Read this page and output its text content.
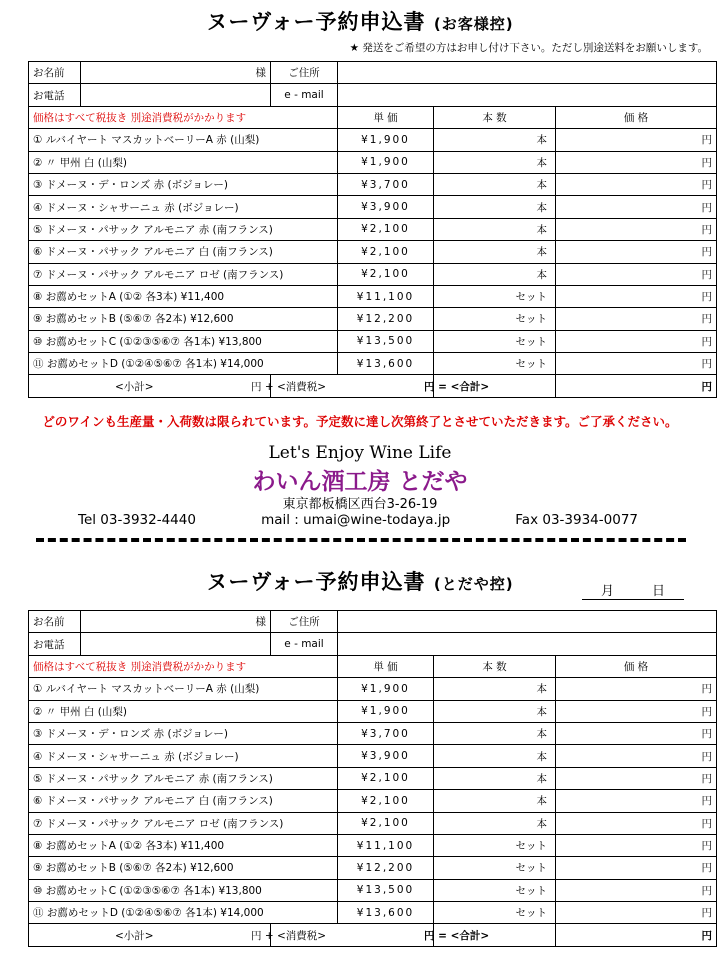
ヌーヴォー予約申込書 (お客様控)
★ 発送をご希望の方はお申し付け下さい。ただし別途送料をお願いします。
お名前	様	ご住所			
お電話		e - mail			
価格はすべて税抜き 別途消費税がかかります			単 価	本 数	価 格
① ルバイヤート マスカットベーリーA 赤 (山梨)			¥1,900	本	円
② 〃 甲州 白 (山梨)			¥1,900	本	円
③ ドメーヌ・デ・ロンズ 赤 (ボジョレー)			¥3,700	本	円
④ ドメーヌ・シャサーニュ 赤 (ボジョレー)			¥3,900	本	円
⑤ ドメーヌ・パサック アルモニア 赤 (南フランス)			¥2,100	本	円
⑥ ドメーヌ・パサック アルモニア 白 (南フランス)			¥2,100	本	円
⑦ ドメーヌ・パサック アルモニア ロゼ (南フランス)			¥2,100	本	円
⑧ お薦めセットA (①② 各3本) ¥11,400			¥11,100	セット	円
⑨ お薦めセットB (⑤⑥⑦ 各2本) ¥12,600			¥12,200	セット	円
⑩ お薦めセットC (①②③⑤⑥⑦ 各1本) ¥13,800			¥13,500	セット	円
⑪ お薦めセットD (①②④⑤⑥⑦ 各1本) ¥14,000			¥13,600	セット	円
<小計>		円 + <消費税>		円 = <合計>	円
どのワインも生産量・入荷数は限られています。予定数に達し次第終了とさせていただきます。ご了承ください。
Let's Enjoy Wine Life
わいん酒工房 とだや
東京都板橋区西台3-26-19
Tel 03-3932-4440	mail : umai@wine-todaya.jp	Fax 03-3934-0077
ヌーヴォー予約申込書 (とだや控)	月	日
お名前	様	ご住所			
お電話		e - mail			
価格はすべて税抜き 別途消費税がかかります			単 価	本 数	価 格
① ルバイヤート マスカットベーリーA 赤 (山梨)			¥1,900	本	円
② 〃 甲州 白 (山梨)			¥1,900	本	円
③ ドメーヌ・デ・ロンズ 赤 (ボジョレー)			¥3,700	本	円
④ ドメーヌ・シャサーニュ 赤 (ボジョレー)			¥3,900	本	円
⑤ ドメーヌ・パサック アルモニア 赤 (南フランス)			¥2,100	本	円
⑥ ドメーヌ・パサック アルモニア 白 (南フランス)			¥2,100	本	円
⑦ ドメーヌ・パサック アルモニア ロゼ (南フランス)			¥2,100	本	円
⑧ お薦めセットA (①② 各3本) ¥11,400			¥11,100	セット	円
⑨ お薦めセットB (⑤⑥⑦ 各2本) ¥12,600			¥12,200	セット	円
⑩ お薦めセットC (①②③⑤⑥⑦ 各1本) ¥13,800			¥13,500	セット	円
⑪ お薦めセットD (①②④⑤⑥⑦ 各1本) ¥14,000			¥13,600	セット	円
<小計>		円 + <消費税>		円 = <合計>	円
